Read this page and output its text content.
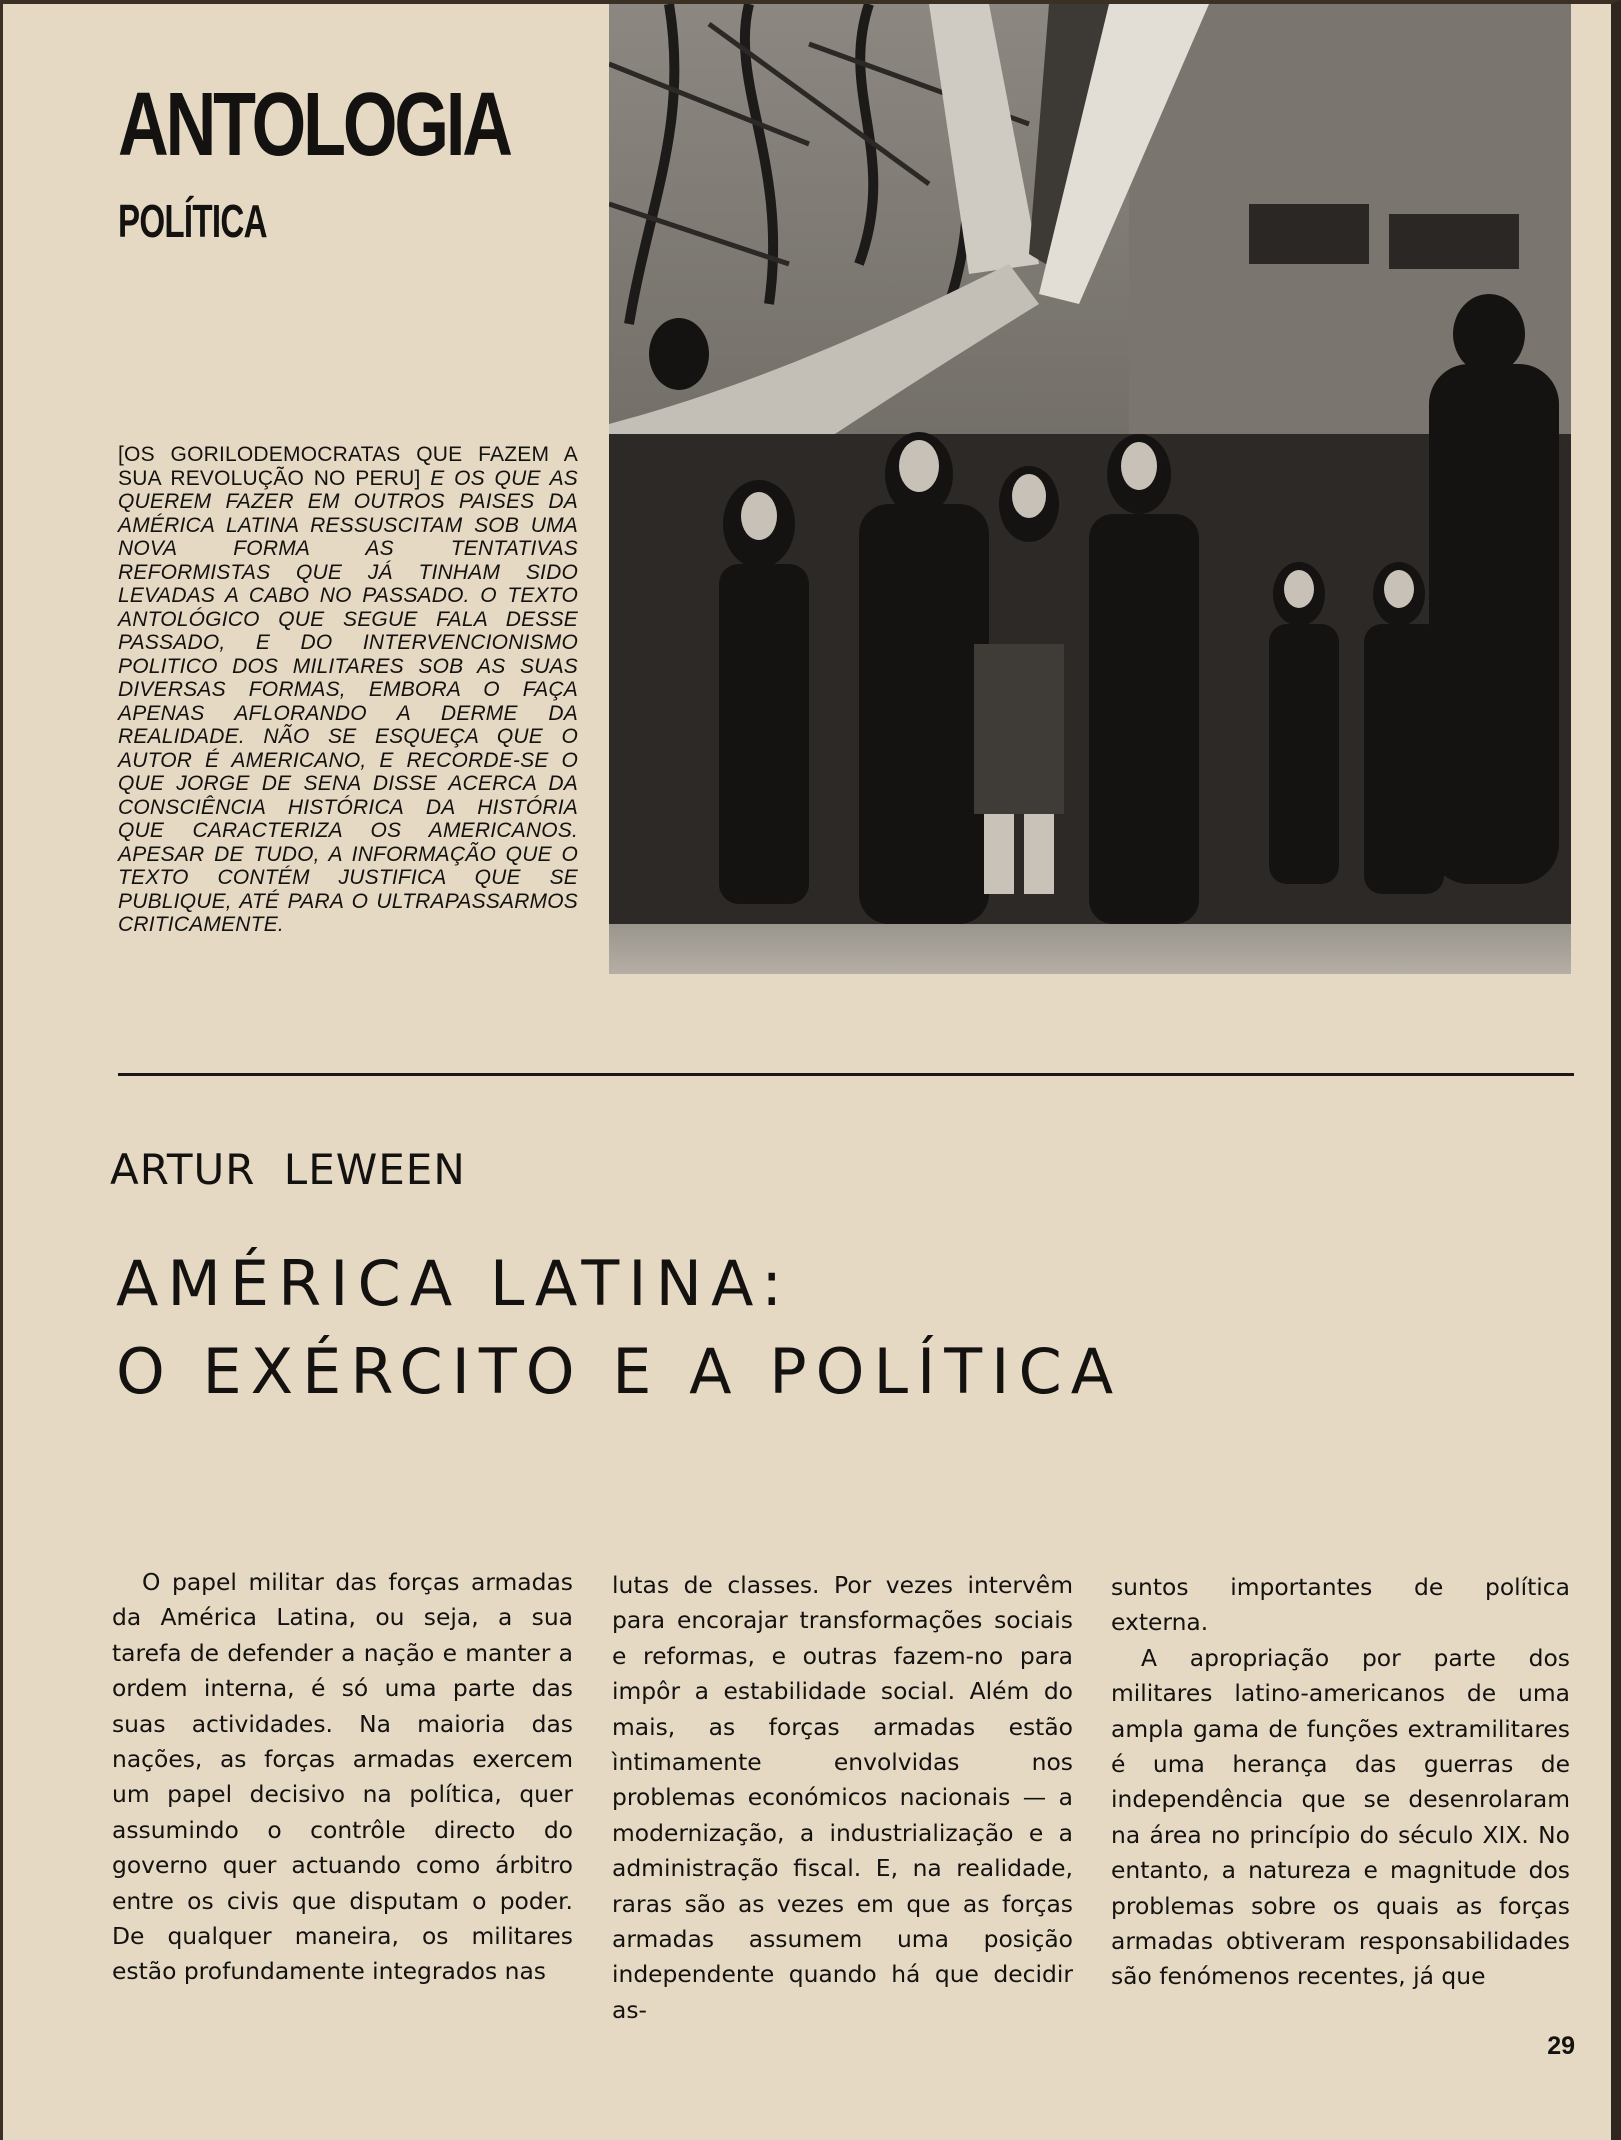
ANTOLOGIA
POLÍTICA
[OS GORILODEMOCRATAS QUE FAZEM A SUA REVOLUÇÃO NO PERU] E OS QUE AS QUEREM FAZER EM OUTROS PAISES DA AMÉRICA LATINA RESSUSCITAM SOB UMA NOVA FORMA AS TENTATIVAS REFORMISTAS QUE JÁ TINHAM SIDO LEVADAS A CABO NO PASSADO. O TEXTO ANTOLÓGICO QUE SEGUE FALA DESSE PASSADO, E DO INTERVENCIONISMO POLITICO DOS MILITARES SOB AS SUAS DIVERSAS FORMAS, EMBORA O FAÇA APENAS AFLORANDO A DERME DA REALIDADE. NÃO SE ESQUEÇA QUE O AUTOR É AMERICANO, E RECORDE-SE O QUE JORGE DE SENA DISSE ACERCA DA CONSCIÊNCIA HISTÓRICA DA HISTÓRIA QUE CARACTERIZA OS AMERICANOS. APESAR DE TUDO, A INFORMAÇÃO QUE O TEXTO CONTÉM JUSTIFICA QUE SE PUBLIQUE, ATÉ PARA O ULTRAPASSARMOS CRITICAMENTE.
ARTUR LEWEEN
AMÉRICA LATINA:
O EXÉRCITO E A POLÍTICA

O papel militar das forças armadas da América Latina, ou seja, a sua tarefa de defender a nação e manter a ordem interna, é só uma parte das suas actividades. Na maioria das nações, as forças armadas exercem um papel decisivo na política, quer assumindo o contrôle directo do governo quer actuando como árbitro entre os civis que disputam o poder. De qualquer maneira, os militares estão profundamente integrados nas

lutas de classes. Por vezes intervêm para encorajar transformações sociais e reformas, e outras fazem-no para impôr a estabilidade social. Além do mais, as forças armadas estão ìntimamente envolvidas nos problemas económicos nacionais — a modernização, a industrialização e a administração fiscal. E, na realidade, raras são as vezes em que as forças armadas assumem uma posição independente quando há que decidir as-

suntos importantes de política externa.

A apropriação por parte dos militares latino-americanos de uma ampla gama de funções extramilitares é uma herança das guerras de independência que se desenrolaram na área no princípio do século XIX. No entanto, a natureza e magnitude dos problemas sobre os quais as forças armadas obtiveram responsabilidades são fenómenos recentes, já que

29
